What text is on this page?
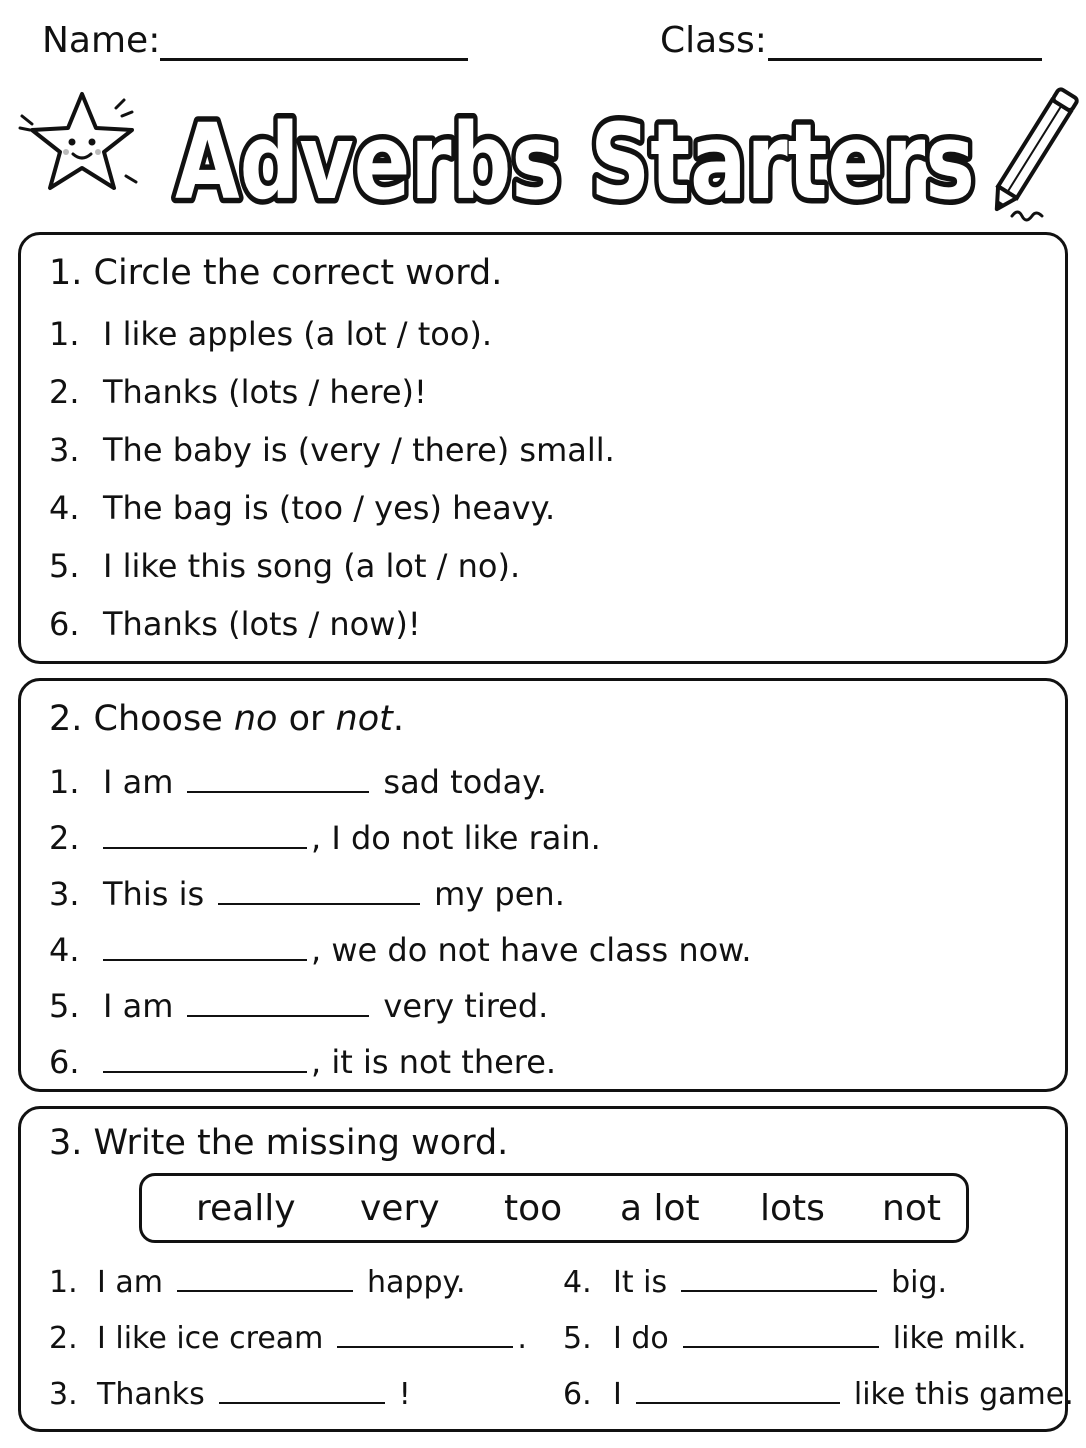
Name:	Class:
Adverbs Starters
1. Circle the correct word.
1. I like apples (a lot / too).
2. Thanks (lots / here)!
3. The baby is (very / there) small.
4. The bag is (too / yes) heavy.
5. I like this song (a lot / no).
6. Thanks (lots / now)!
2. Choose no or not.
1. I am	sad today.
2.	, I do not like rain.
3. This is	my pen.
4.	, we do not have class now.
5. I am	very tired.
6.	, it is not there.
3. Write the missing word.
really very too a lot lots not
1. I am	happy.
2. I like ice cream	.
3. Thanks	!
4. It is	big.
5. I do	like milk.
6. I	like this game.
